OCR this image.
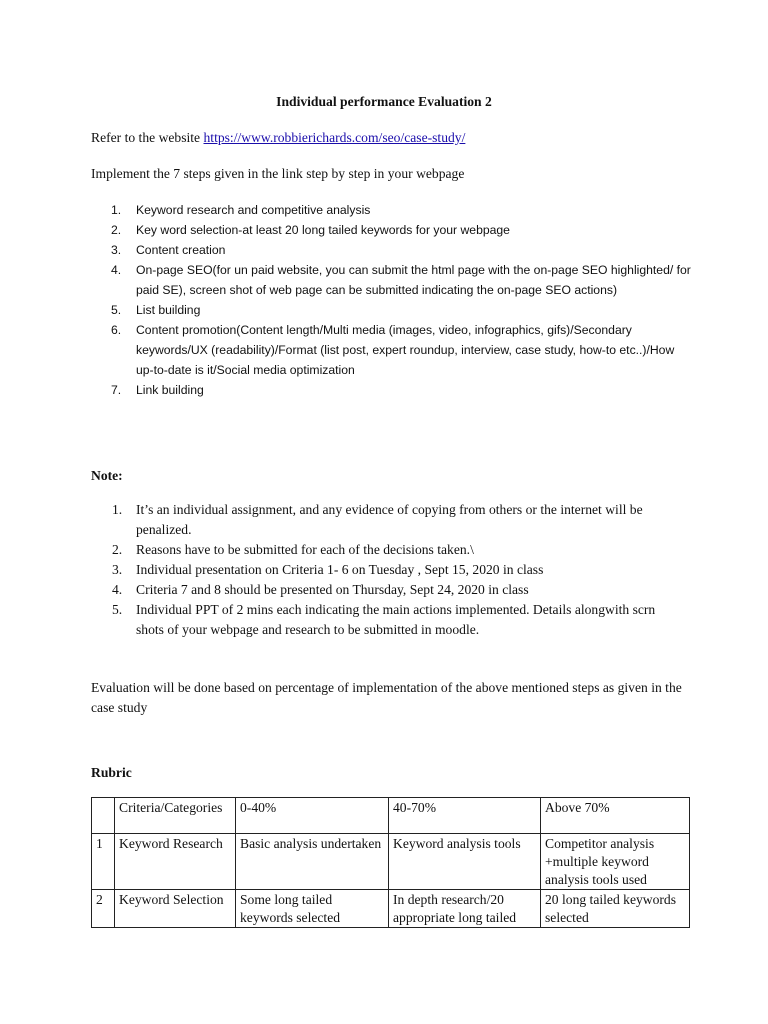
Individual performance Evaluation 2
Refer to the website https://www.robbierichards.com/seo/case-study/
Implement the 7 steps given in the link step by step in your webpage
1. Keyword research and competitive analysis
2. Key word selection-at least 20 long tailed keywords for your webpage
3. Content creation
4. On-page SEO(for un paid website, you can submit the html page with the on-page SEO highlighted/ for paid SE), screen shot of web page can be submitted indicating the on-page SEO actions)
5. List building
6. Content promotion(Content length/Multi media (images, video, infographics, gifs)/Secondary keywords/UX (readability)/Format (list post, expert roundup, interview, case study, how-to etc..)/How up-to-date is it/Social media optimization
7. Link building
Note:
1. It’s an individual assignment, and any evidence of copying from others or the internet will be penalized.
2. Reasons have to be submitted for each of the decisions taken.\
3. Individual presentation on Criteria 1- 6 on Tuesday , Sept 15, 2020 in class
4. Criteria 7 and 8 should be presented on Thursday, Sept 24, 2020 in class
5. Individual PPT of 2 mins each indicating the main actions implemented. Details alongwith scrn shots of your webpage and research to be submitted in moodle.
Evaluation will be done based on percentage of implementation of the above mentioned steps as given in the case study
Rubric
	Criteria/Categories	0-40%	40-70%	Above 70%
1	Keyword Research	Basic analysis undertaken	Keyword analysis tools	Competitor analysis +multiple keyword analysis tools used
2	Keyword Selection	Some long tailed keywords selected	In depth research/20 appropriate long tailed	20 long tailed keywords selected
